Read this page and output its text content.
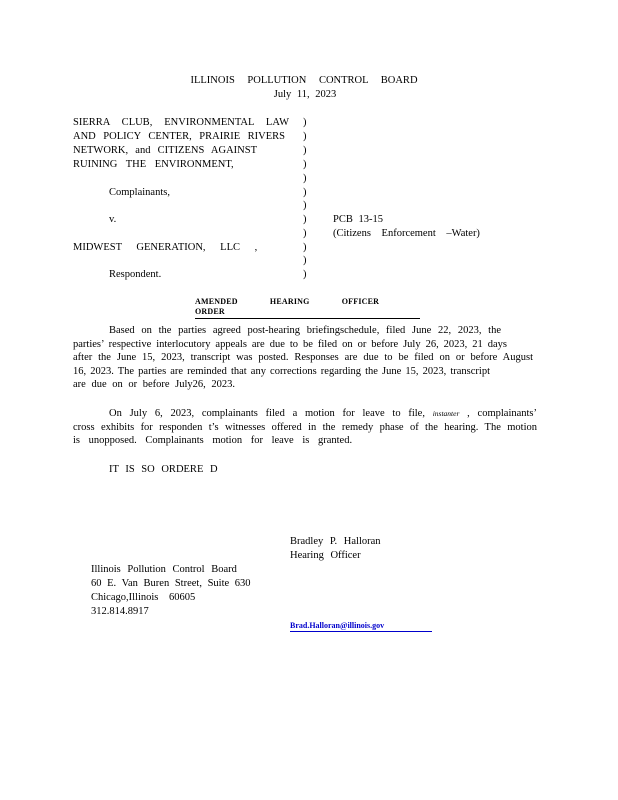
ILLINOIS POLLUTION CONTROL BOARD
July 11, 2023
SIERRA CLUB, ENVIRONMENTAL LAW
AND POLICY CENTER, PRAIRIE RIVERS
NETWORK, and CITIZENS AGAINST
RUINING THE ENVIRONMENT,
Complainants,
v.
MIDWEST GENERATION, LLC ,
Respondent.
)
)
)
)
)
)
)
)
)
)
)
)
PCB 13-15
(Citizens Enforcement –Water)
AMENDED HEARING OFFICER ORDER
Based on the parties agreed post-hearing briefingschedule, filed June 22, 2023, the
parties’ respective interlocutory appeals are due to be filed on or before July 26, 2023, 21 days
after the June 15, 2023, transcript was posted. Responses are due to be filed on or before August
16, 2023. The parties are reminded that any corrections regarding the June 15, 2023, transcript
are due on or before July26, 2023.
On July 6, 2023, complainants filed a motion for leave to file, instanter , complainants’
cross exhibits for responden t’s witnesses offered in the remedy phase of the hearing. The motion
is unopposed. Complainants motion for leave is granted.
IT IS SO ORDERE D
Bradley P. Halloran
Hearing Officer
Illinois Pollution Control Board
60 E. Van Buren Street, Suite 630
Chicago,Illinois 60605
312.814.8917
Brad.Halloran@illinois.gov
